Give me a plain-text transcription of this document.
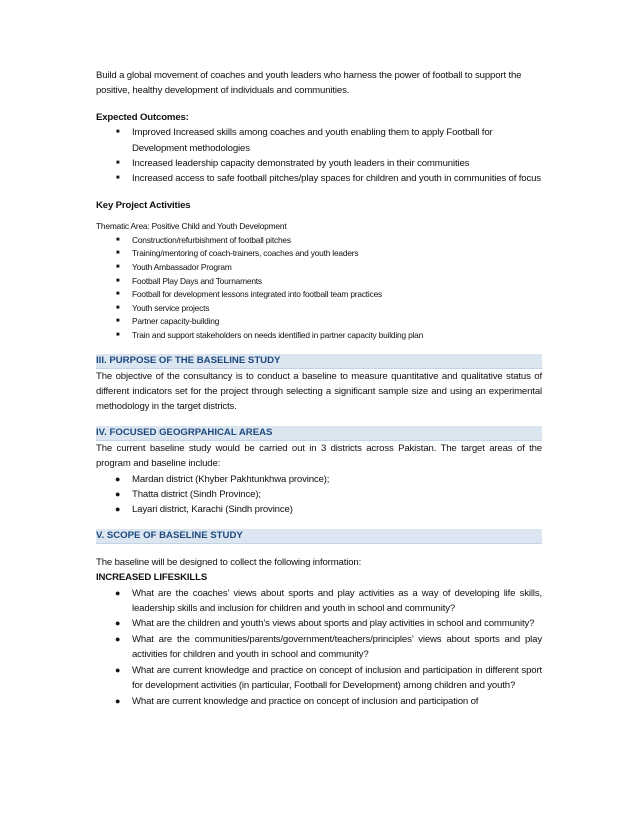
Build a global movement of coaches and youth leaders who harness the power of football to support the positive, healthy development of individuals and communities.

Expected Outcomes:

■ Improved Increased skills among coaches and youth enabling them to apply Football for Development methodologies
■ Increased leadership capacity demonstrated by youth leaders in their communities
■ Increased access to safe football pitches/play spaces for children and youth in communities of focus

Key Project Activities

Thematic Area: Positive Child and Youth Development

■ Construction/refurbishment of football pitches
■ Training/mentoring of coach-trainers, coaches and youth leaders
■ Youth Ambassador Program
■ Football Play Days and Tournaments
■ Football for development lessons integrated into football team practices
■ Youth service projects
■ Partner capacity-building
■ Train and support stakeholders on needs identified in partner capacity building plan
III. PURPOSE OF THE BASELINE STUDY

The objective of the consultancy is to conduct a baseline to measure quantitative and qualitative status of different indicators set for the project through selecting a significant sample size and using an experimental methodology in the target districts.

IV. FOCUSED GEOGRPAHICAL AREAS

The current baseline study would be carried out in 3 districts across Pakistan. The target areas of the program and baseline include:

● Mardan district (Khyber Pakhtunkhwa province);
● Thatta district (Sindh Province);
● Layari district, Karachi (Sindh province)
V. SCOPE OF BASELINE STUDY

The baseline will be designed to collect the following information:

INCREASED LIFESKILLS

● What are the coaches’ views about sports and play activities as a way of developing life skills, leadership skills and inclusion for children and youth in school and community?
● What are the children and youth’s views about sports and play activities in school and community?
● What are the communities/parents/government/teachers/principles’ views about sports and play activities for children and youth in school and community?
● What are current knowledge and practice on concept of inclusion and participation in different sport for development activities (in particular, Football for Development) among children and youth?
● What are current knowledge and practice on concept of inclusion and participation of
